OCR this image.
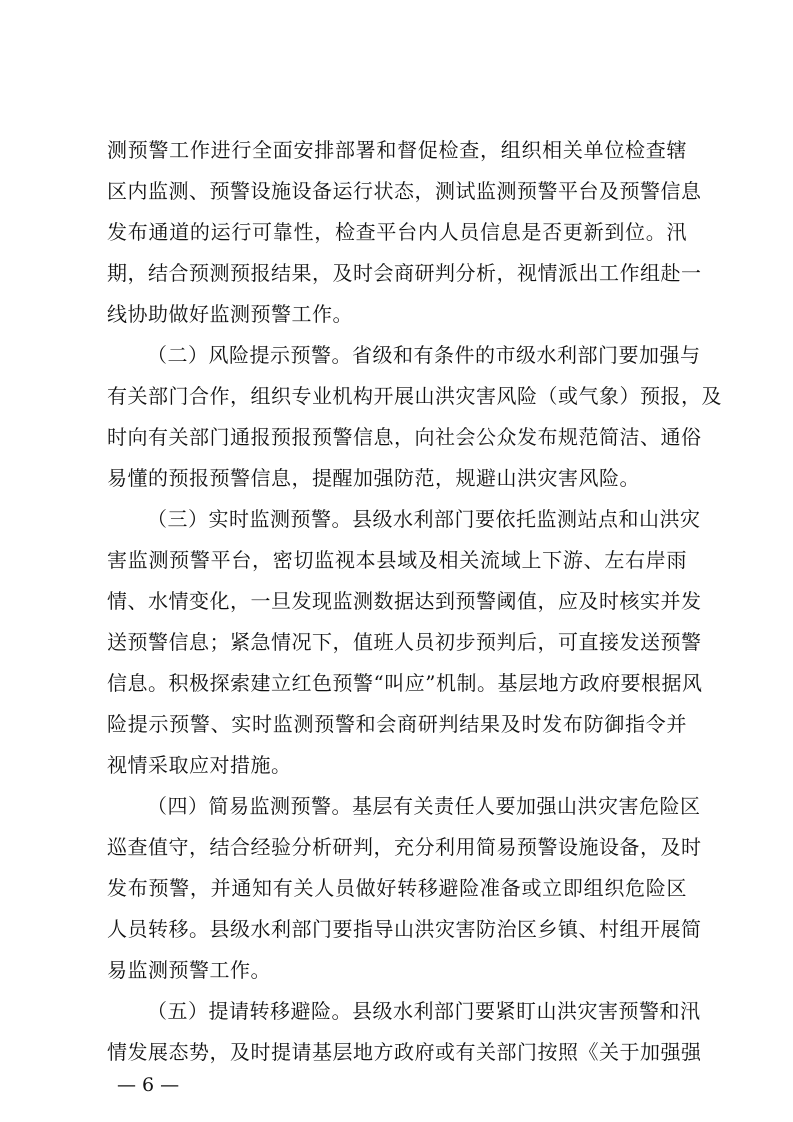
测预警工作进行全面安排部署和督促检查，组织相关单位检查辖
区内监测、预警设施设备运行状态，测试监测预警平台及预警信息
发布通道的运行可靠性，检查平台内人员信息是否更新到位。汛
期，结合预测预报结果，及时会商研判分析，视情派出工作组赴一
线协助做好监测预警工作。
（二）风险提示预警。省级和有条件的市级水利部门要加强与
有关部门合作，组织专业机构开展山洪灾害风险（或气象）预报，及
时向有关部门通报预报预警信息，向社会公众发布规范简洁、通俗
易懂的预报预警信息，提醒加强防范，规避山洪灾害风险。
（三）实时监测预警。县级水利部门要依托监测站点和山洪灾
害监测预警平台，密切监视本县域及相关流域上下游、左右岸雨
情、水情变化，一旦发现监测数据达到预警阈值，应及时核实并发
送预警信息；紧急情况下，值班人员初步预判后，可直接发送预警
信息。积极探索建立红色预警“叫应”机制。基层地方政府要根据风
险提示预警、实时监测预警和会商研判结果及时发布防御指令并
视情采取应对措施。
（四）简易监测预警。基层有关责任人要加强山洪灾害危险区
巡查值守，结合经验分析研判，充分利用简易预警设施设备，及时
发布预警，并通知有关人员做好转移避险准备或立即组织危险区
人员转移。县级水利部门要指导山洪灾害防治区乡镇、村组开展简
易监测预警工作。
（五）提请转移避险。县级水利部门要紧盯山洪灾害预警和汛
情发展态势，及时提请基层地方政府或有关部门按照《关于加强强
— 6 —
